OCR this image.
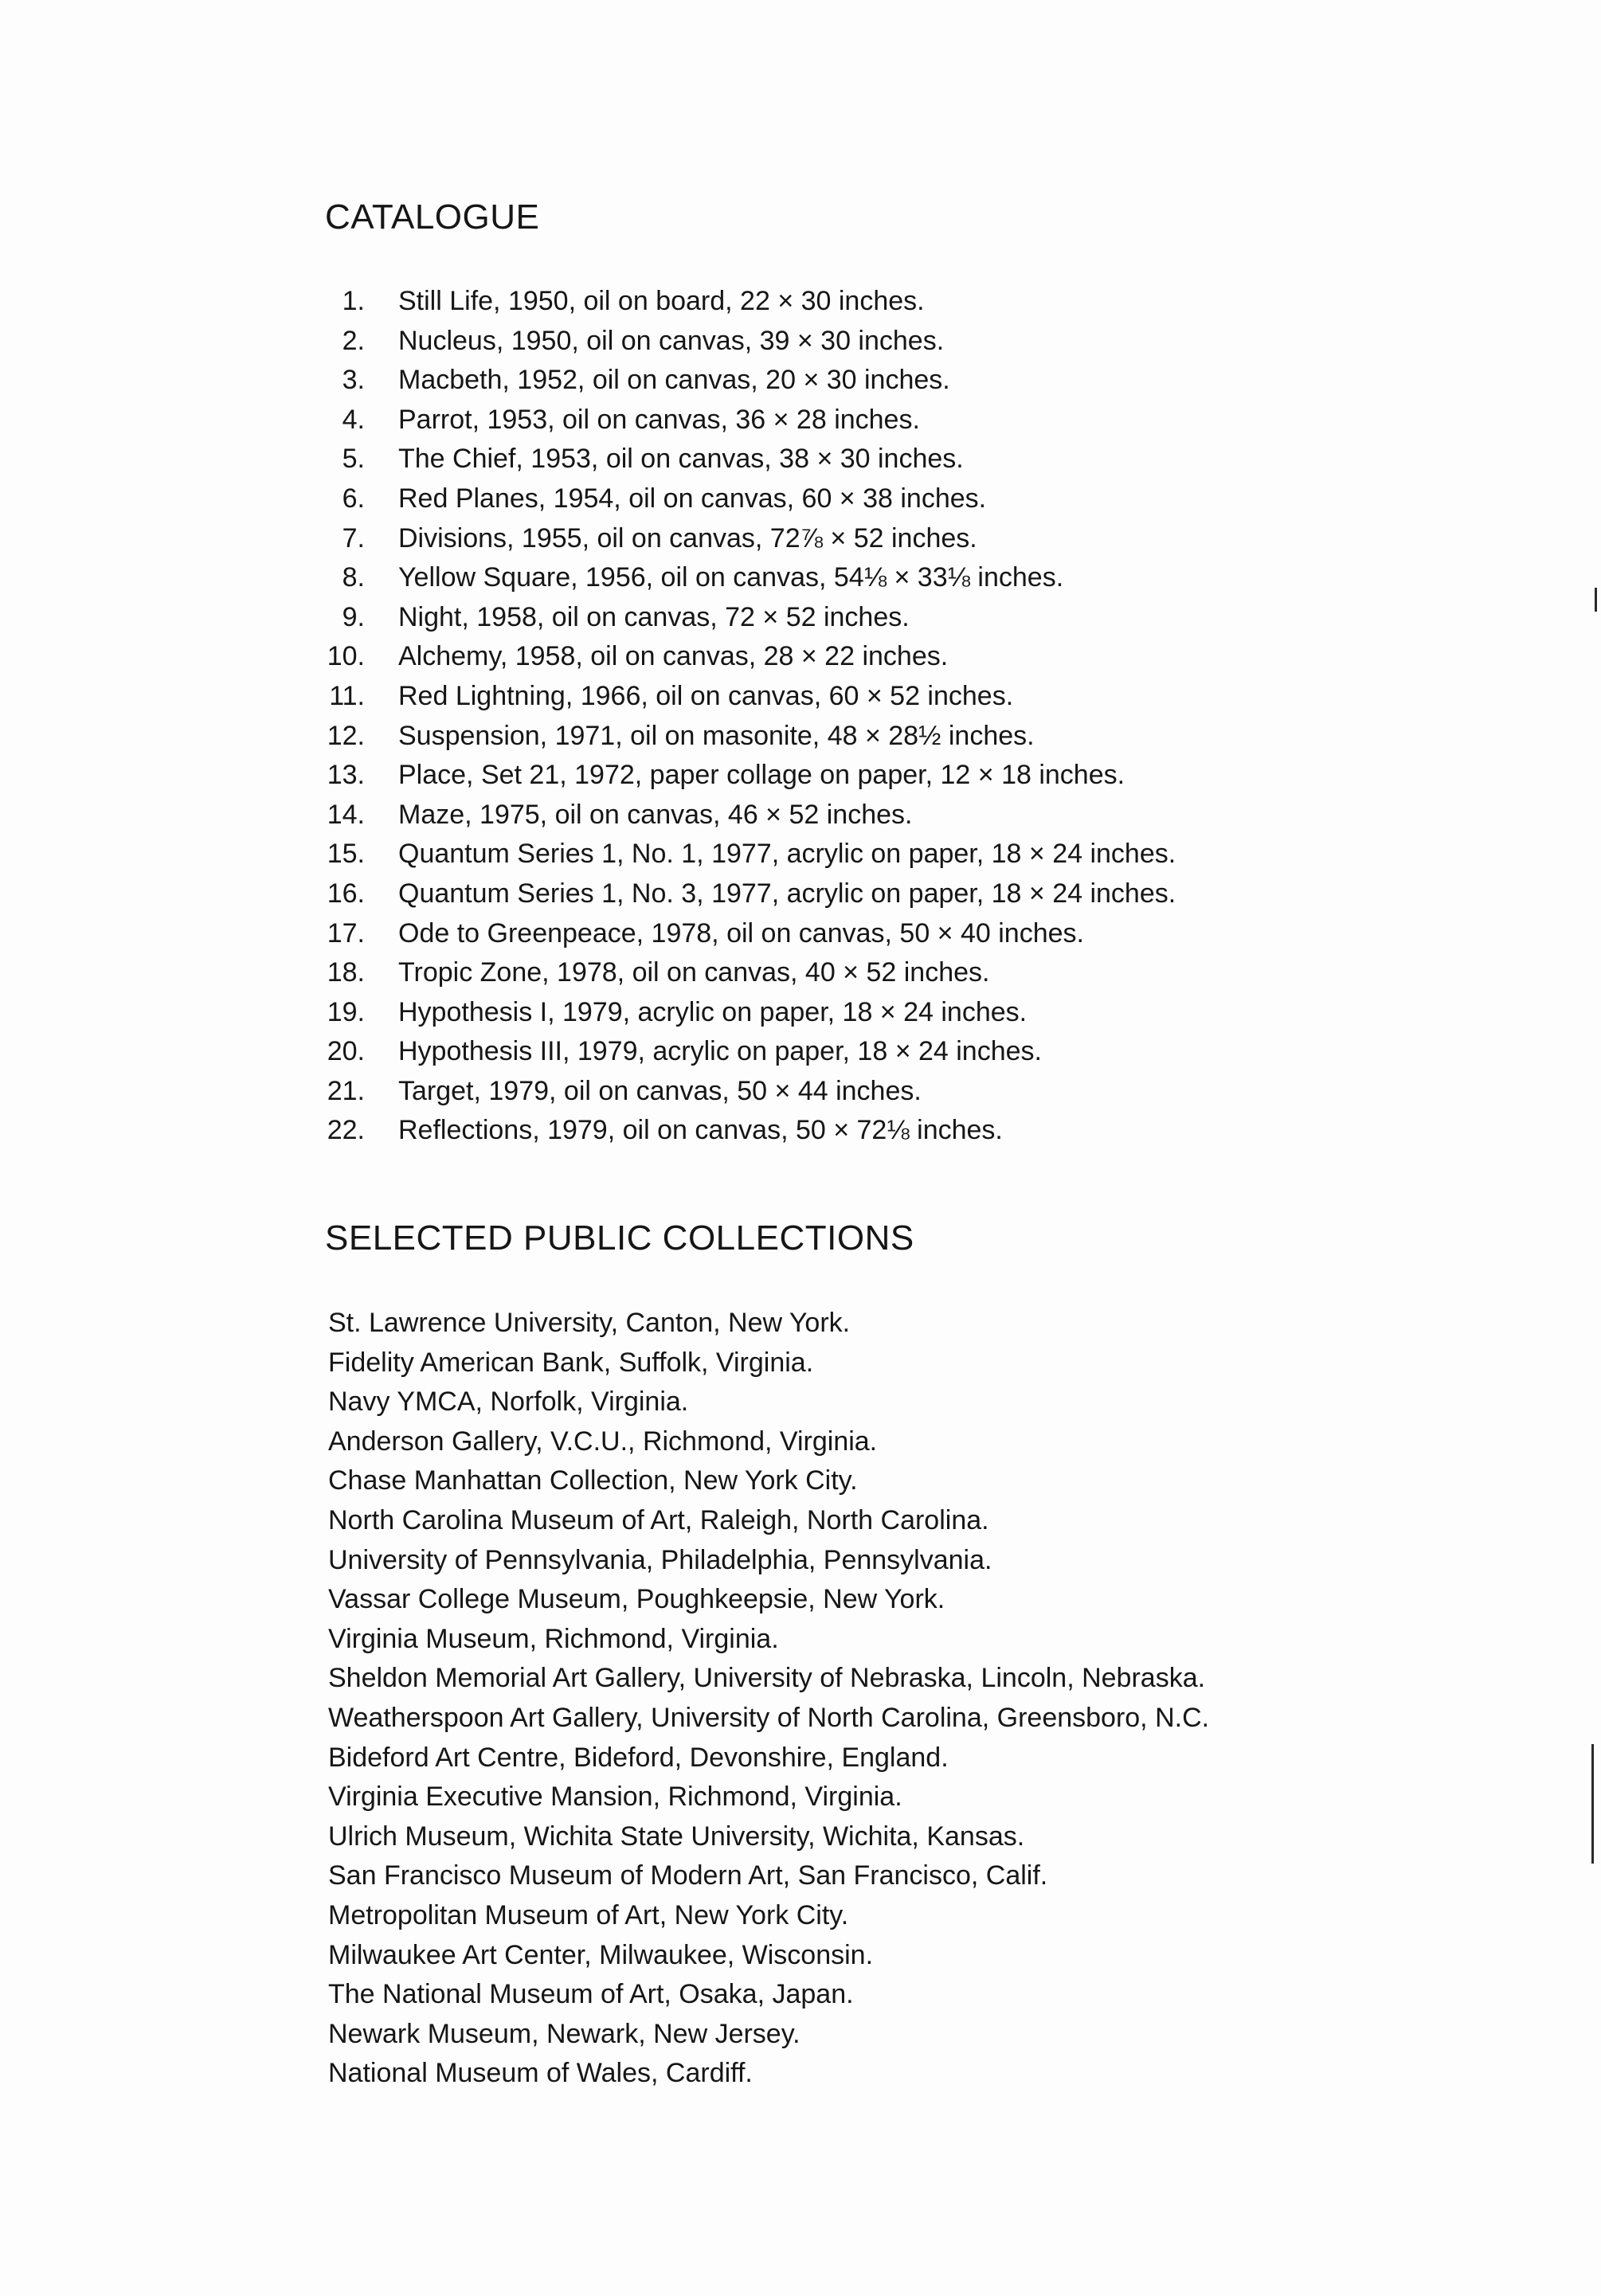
CATALOGUE
1.	Still Life, 1950, oil on board, 22 × 30 inches.
2.	Nucleus, 1950, oil on canvas, 39 × 30 inches.
3.	Macbeth, 1952, oil on canvas, 20 × 30 inches.
4.	Parrot, 1953, oil on canvas, 36 × 28 inches.
5.	The Chief, 1953, oil on canvas, 38 × 30 inches.
6.	Red Planes, 1954, oil on canvas, 60 × 38 inches.
7.	Divisions, 1955, oil on canvas, 72⅞ × 52 inches.
8.	Yellow Square, 1956, oil on canvas, 54⅛ × 33⅛ inches.
9.	Night, 1958, oil on canvas, 72 × 52 inches.
10.	Alchemy, 1958, oil on canvas, 28 × 22 inches.
11.	Red Lightning, 1966, oil on canvas, 60 × 52 inches.
12.	Suspension, 1971, oil on masonite, 48 × 28½ inches.
13.	Place, Set 21, 1972, paper collage on paper, 12 × 18 inches.
14.	Maze, 1975, oil on canvas, 46 × 52 inches.
15.	Quantum Series 1, No. 1, 1977, acrylic on paper, 18 × 24 inches.
16.	Quantum Series 1, No. 3, 1977, acrylic on paper, 18 × 24 inches.
17.	Ode to Greenpeace, 1978, oil on canvas, 50 × 40 inches.
18.	Tropic Zone, 1978, oil on canvas, 40 × 52 inches.
19.	Hypothesis I, 1979, acrylic on paper, 18 × 24 inches.
20.	Hypothesis III, 1979, acrylic on paper, 18 × 24 inches.
21.	Target, 1979, oil on canvas, 50 × 44 inches.
22.	Reflections, 1979, oil on canvas, 50 × 72⅛ inches.
SELECTED PUBLIC COLLECTIONS
St. Lawrence University, Canton, New York.
Fidelity American Bank, Suffolk, Virginia.
Navy YMCA, Norfolk, Virginia.
Anderson Gallery, V.C.U., Richmond, Virginia.
Chase Manhattan Collection, New York City.
North Carolina Museum of Art, Raleigh, North Carolina.
University of Pennsylvania, Philadelphia, Pennsylvania.
Vassar College Museum, Poughkeepsie, New York.
Virginia Museum, Richmond, Virginia.
Sheldon Memorial Art Gallery, University of Nebraska, Lincoln, Nebraska.
Weatherspoon Art Gallery, University of North Carolina, Greensboro, N.C.
Bideford Art Centre, Bideford, Devonshire, England.
Virginia Executive Mansion, Richmond, Virginia.
Ulrich Museum, Wichita State University, Wichita, Kansas.
San Francisco Museum of Modern Art, San Francisco, Calif.
Metropolitan Museum of Art, New York City.
Milwaukee Art Center, Milwaukee, Wisconsin.
The National Museum of Art, Osaka, Japan.
Newark Museum, Newark, New Jersey.
National Museum of Wales, Cardiff.
